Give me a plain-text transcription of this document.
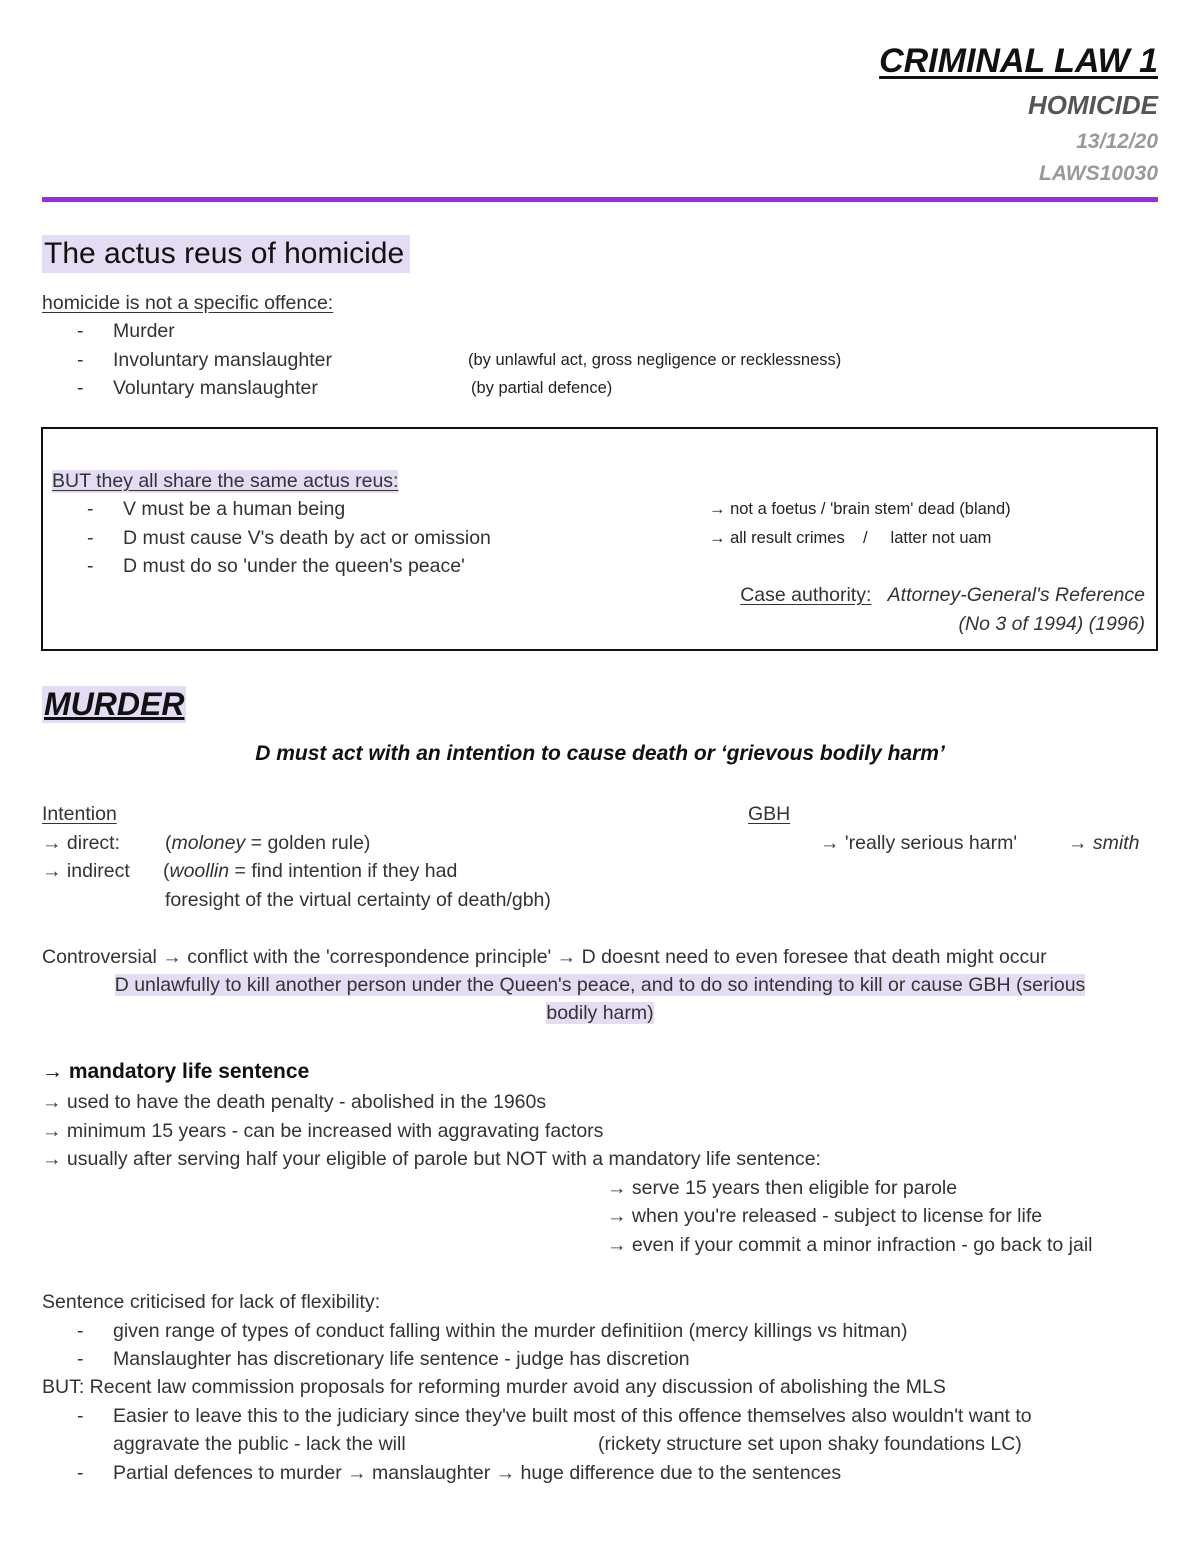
CRIMINAL LAW 1
HOMICIDE
13/12/20
LAWS10030
The actus reus of homicide
homicide is not a specific offence:
- Murder
- Involuntary manslaughter	(by unlawful act, gross negligence or recklessness)
- Voluntary manslaughter	(by partial defence)
BUT they all share the same actus reus:
- V must be a human being	→ not a foetus / 'brain stem' dead (bland)
- D must cause V's death by act or omission	→ all result crimes    /     latter not uam
- D must do so 'under the queen's peace'
Case authority: Attorney-General's Reference
(No 3 of 1994) (1996)
MURDER
D must act with an intention to cause death or ‘grievous bodily harm’
Intention	GBH
→ direct: (moloney = golden rule)	→ 'really serious harm'	→ smith
→ indirect (woollin = find intention if they had
foresight of the virtual certainty of death/gbh)
Controversial → conflict with the 'correspondence principle' → D doesnt need to even foresee that death might occur
D unlawfully to kill another person under the Queen's peace, and to do so intending to kill or cause GBH (serious
bodily harm)
→ mandatory life sentence
→ used to have the death penalty - abolished in the 1960s
→ minimum 15 years - can be increased with aggravating factors
→ usually after serving half your eligible of parole but NOT with a mandatory life sentence:
→ serve 15 years then eligible for parole
→ when you're released - subject to license for life
→ even if your commit a minor infraction - go back to jail
Sentence criticised for lack of flexibility:
- given range of types of conduct falling within the murder definitiion (mercy killings vs hitman)
- Manslaughter has discretionary life sentence - judge has discretion
BUT: Recent law commission proposals for reforming murder avoid any discussion of abolishing the MLS
- Easier to leave this to the judiciary since they've built most of this offence themselves also wouldn't want to
aggravate the public - lack the will	(rickety structure set upon shaky foundations LC)
- Partial defences to murder → manslaughter → huge difference due to the sentences
